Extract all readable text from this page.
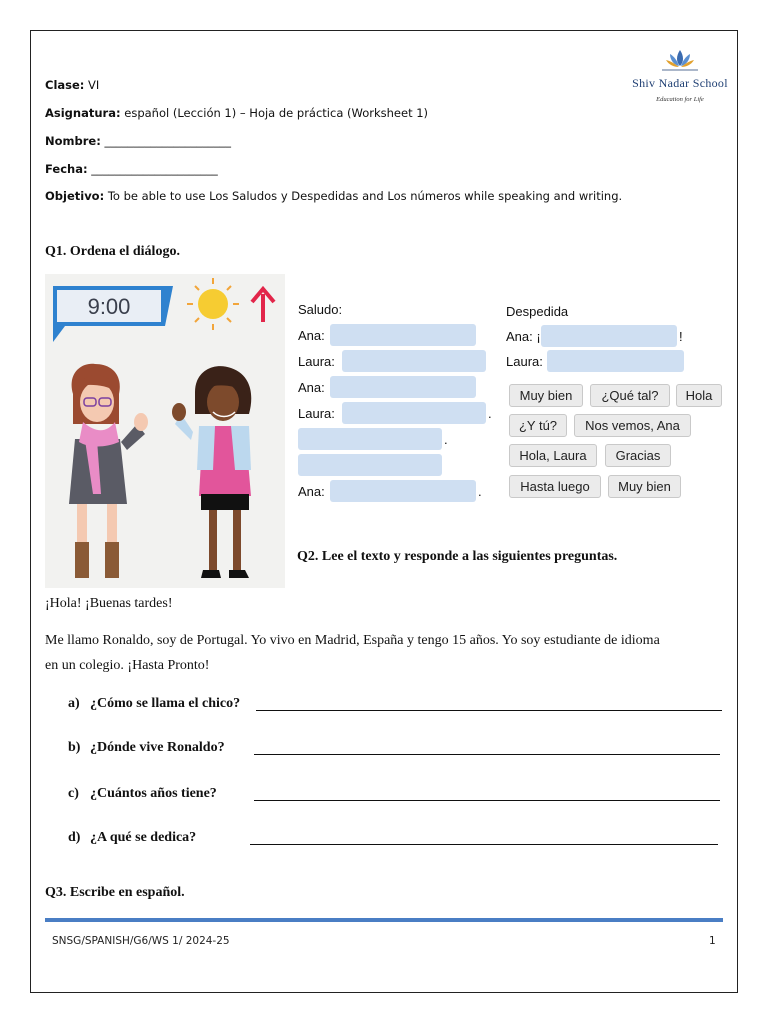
Shiv Nadar School
Education for Life
Clase: VI
Asignatura: español (Lección 1) – Hoja de práctica (Worksheet 1)
Nombre: ______________________
Fecha: ______________________
Objetivo: To be able to use Los Saludos y Despedidas and Los números while speaking and writing.
Q1. Ordena el diálogo.
9:00	Saludo:
Ana:
Laura:
Ana:
Laura:	.
.
Ana:	.
Despedida
Ana: ¡	!
Laura:
Muy bien	¿Qué tal?	Hola
¿Y tú?	Nos vemos, Ana
Hola, Laura	Gracias
Hasta luego	Muy bien
Q2. Lee el texto y responde a las siguientes preguntas.
¡Hola! ¡Buenas tardes!
Me llamo Ronaldo, soy de Portugal. Yo vivo en Madrid, España y tengo 15 años. Yo soy estudiante de idioma
en un colegio. ¡Hasta Pronto!
a) ¿Cómo se llama el chico?
b) ¿Dónde vive Ronaldo?
c) ¿Cuántos años tiene?
d) ¿A qué se dedica?
Q3. Escribe en español.
SNSG/SPANISH/G6/WS 1/ 2024-25	1
